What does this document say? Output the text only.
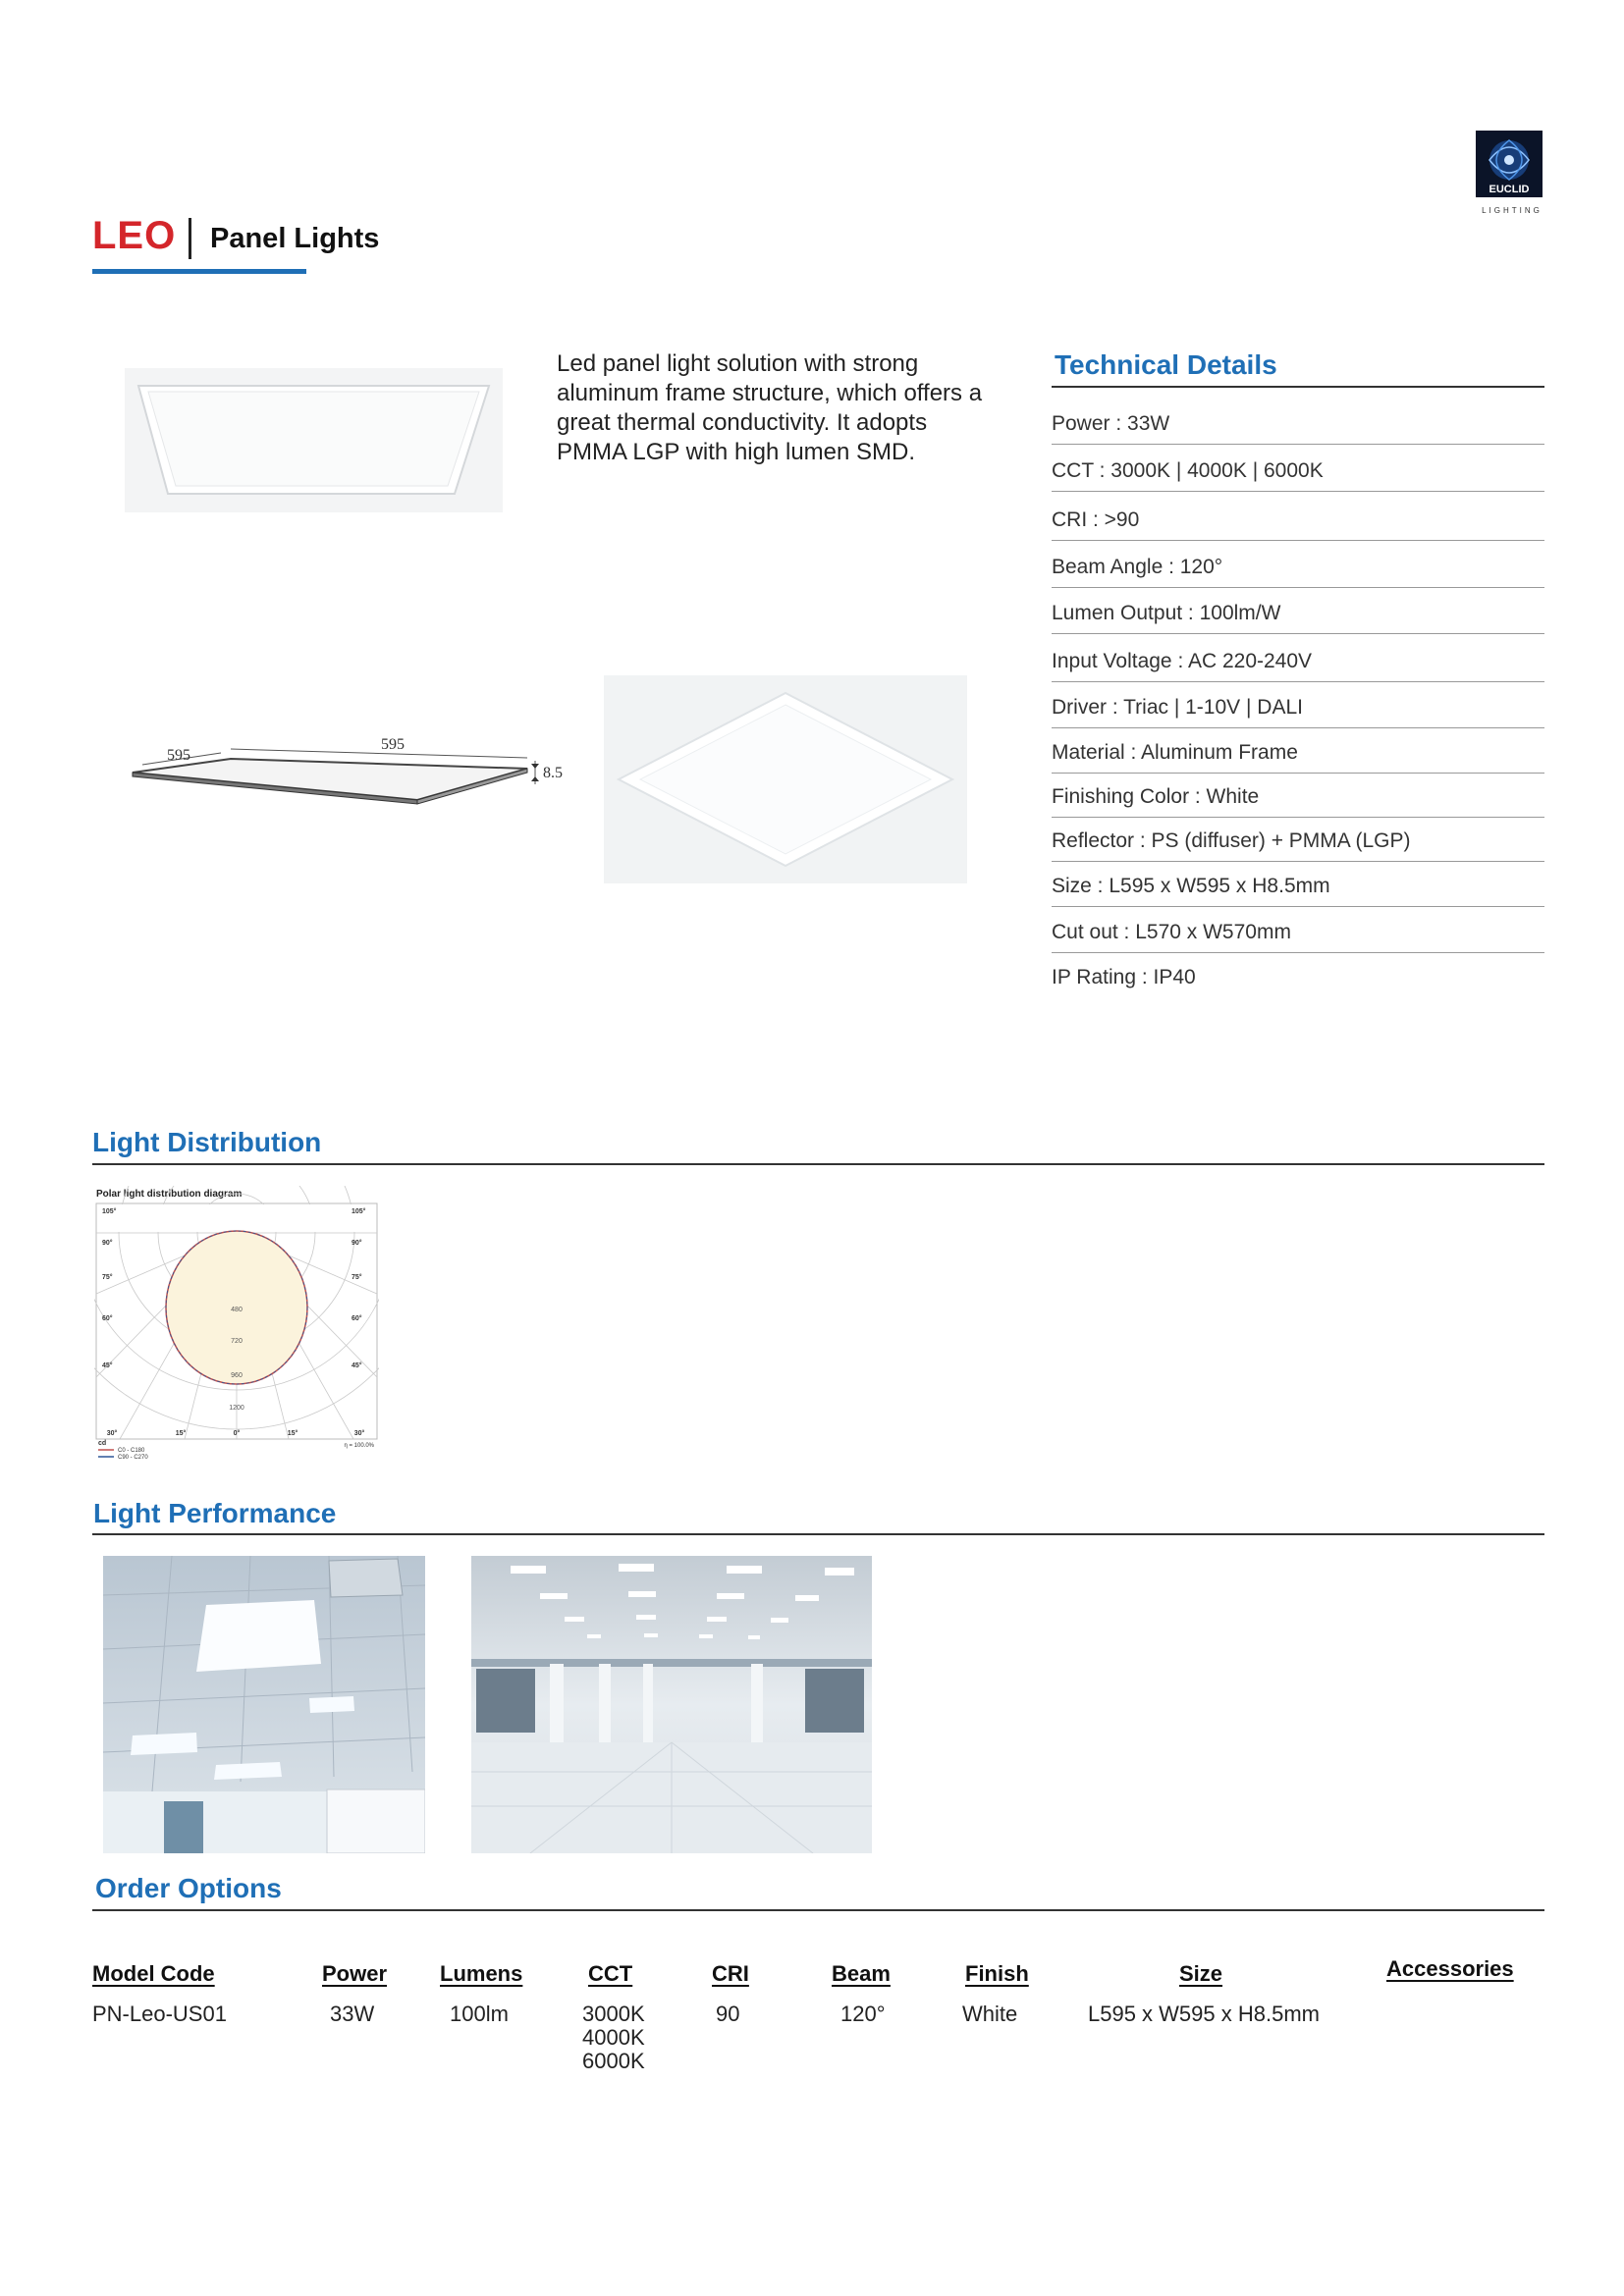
EUCLID
LIGHTING
LEO Panel Lights
Led panel light solution with strong aluminum frame structure, which offers a great thermal conductivity. It adopts PMMA LGP with high lumen SMD.
Technical Details
Power : 33W
CCT : 3000K | 4000K | 6000K
CRI : >90
Beam Angle : 120°
Lumen Output : 100lm/W
Input Voltage : AC 220-240V
Driver : Triac | 1-10V | DALI
Material : Aluminum Frame
Finishing Color : White
Reflector : PS (diffuser) + PMMA (LGP)
Size : L595 x W595 x H8.5mm
Cut out : L570 x W570mm
IP Rating : IP40
595
595
8.5
Light Distribution
Polar light distribution diagram
480
720
960
1200
105°
90°
75°
60°
45°
105°
90°
75°
60°
45°
30°	15°	0°	15°	30°
cd
C0 - C180
C90 - C270
η = 100.0%
Light Performance
Order Options
Model Code	Power Lumens	CCT	CRI	Beam	Finish	Size	Accessories
PN-Leo-US01	33W	100lm	3000K
4000K
6000K
90	120°	White	L595 x W595 x H8.5mm
